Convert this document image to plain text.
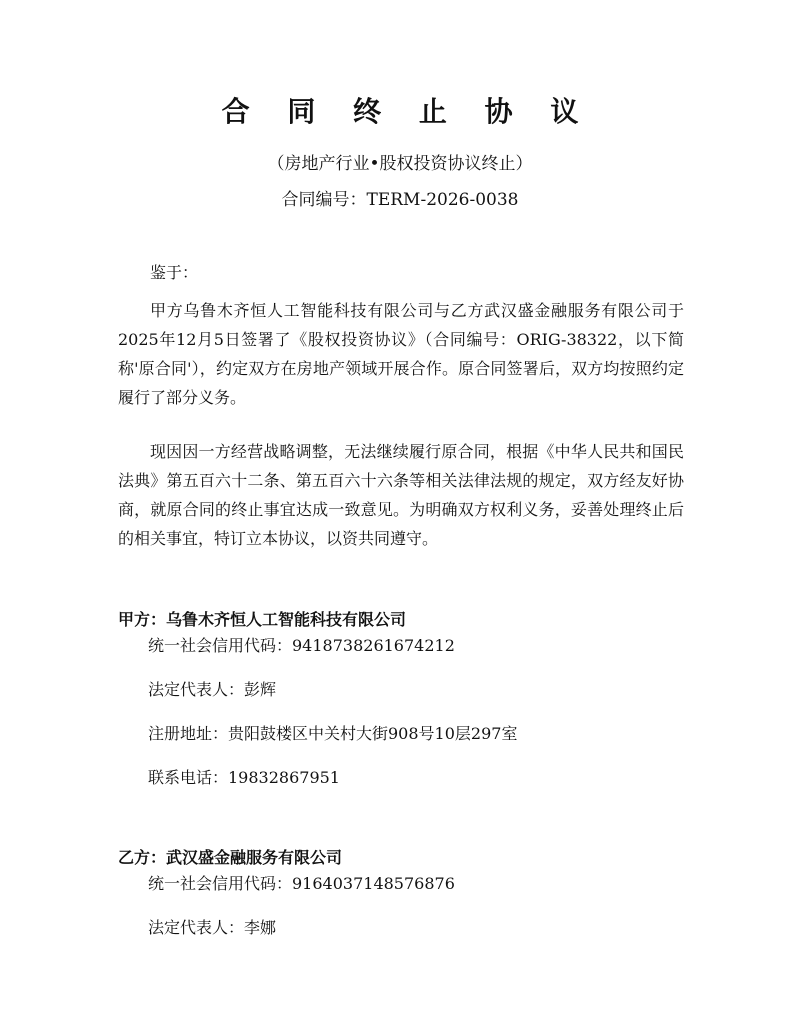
合 同 终 止 协 议
（房地产行业•股权投资协议终止）
合同编号：TERM-2026-0038

鉴于：

甲方乌鲁木齐恒人工智能科技有限公司与乙方武汉盛金融服务有限公司于2025年12月5日签署了《股权投资协议》（合同编号：ORIG-38322，以下简称'原合同'），约定双方在房地产领域开展合作。原合同签署后，双方均按照约定履行了部分义务。

现因因一方经营战略调整，无法继续履行原合同，根据《中华人民共和国民法典》第五百六十二条、第五百六十六条等相关法律法规的规定，双方经友好协商，就原合同的终止事宜达成一致意见。为明确双方权利义务，妥善处理终止后的相关事宜，特订立本协议，以资共同遵守。

甲方：乌鲁木齐恒人工智能科技有限公司
统一社会信用代码：9418738261674212
法定代表人：彭辉
注册地址：贵阳鼓楼区中关村大街908号10层297室
联系电话：19832867951
乙方：武汉盛金融服务有限公司
统一社会信用代码：9164037148576876
法定代表人：李娜
